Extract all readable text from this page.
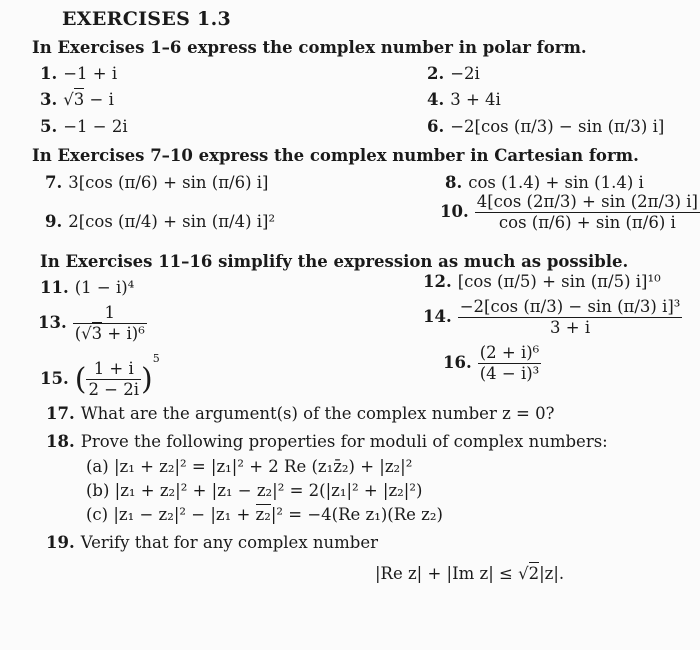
EXERCISES 1.3
In Exercises 1–6 express the complex number in polar form.
1. −1 + i	2. −2i
3. √3 − i	4. 3 + 4i
5. −1 − 2i	6. −2[cos (π/3) − sin (π/3) i]
In Exercises 7–10 express the complex number in Cartesian form.
7. 3[cos (π/6) + sin (π/6) i]	8. cos (1.4) + sin (1.4) i
9. 2[cos (π/4) + sin (π/4) i]²
10. $\frac{4[\cos (2\pi/3) + \sin (2\pi/3) i]}{\cos (\pi/6) + \sin (\pi/6) i}$
In Exercises 11–16 simplify the expression as much as possible.
11. (1 − i)⁴	12. [cos (π/5) + sin (π/5) i]¹⁰
13. $\frac{1}{\text{(√3 + i)⁶}}$	14. $\frac{\text{−2[cos (π/3) − sin (π/3) i]³}}{3 + i}$
15. ( $\frac{1 + i}{2 - 2i} )^5$	16. $\frac{\text{(2 + i)⁶}}{\text{(4 − i)³}}$
17. What are the argument(s) of the complex number z = 0?
18. Prove the following properties for moduli of complex numbers:
(a) |z₁ + z₂|² = |z₁|² + 2 Re (z₁z̄₂) + |z₂|²
(b) |z₁ + z₂|² + |z₁ − z₂|² = 2(|z₁|² + |z₂|²)
(c) |z₁ − z₂|² − |z₁ + z₂|² = −4(Re z₁)(Re z₂)
19. Verify that for any complex number
|Re z| + |Im z| ≤ √2|z|.
